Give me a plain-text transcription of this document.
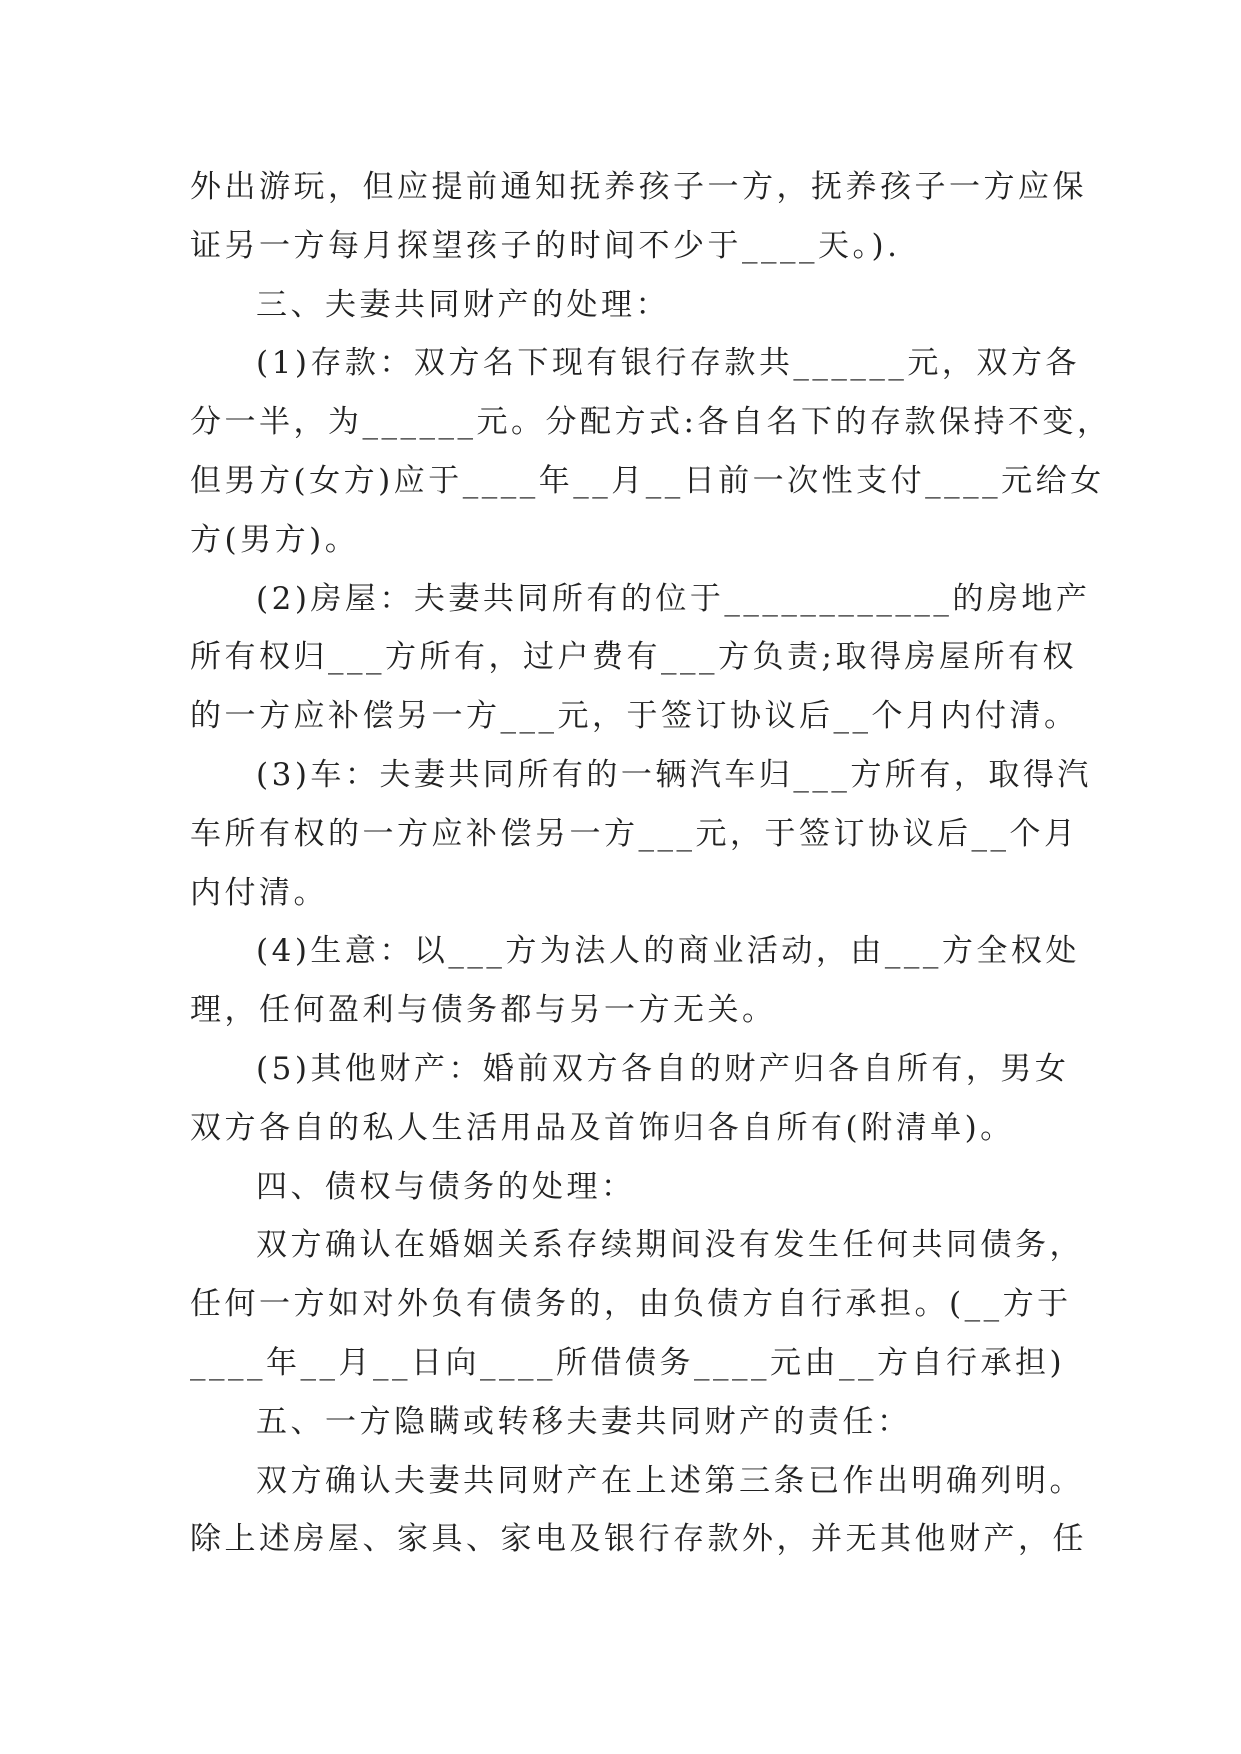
外出游玩，但应提前通知抚养孩子一方，抚养孩子一方应保
证另一方每月探望孩子的时间不少于____天。).
三、夫妻共同财产的处理：
(1)存款：双方名下现有银行存款共______元，双方各
分一半，为______元。分配方式:各自名下的存款保持不变，
但男方(女方)应于____年__月__日前一次性支付____元给女
方(男方)。
(2)房屋：夫妻共同所有的位于____________的房地产
所有权归___方所有，过户费有___方负责;取得房屋所有权
的一方应补偿另一方___元，于签订协议后__个月内付清。
(3)车：夫妻共同所有的一辆汽车归___方所有，取得汽
车所有权的一方应补偿另一方___元，于签订协议后__个月
内付清。
(4)生意：以___方为法人的商业活动，由___方全权处
理，任何盈利与债务都与另一方无关。
(5)其他财产：婚前双方各自的财产归各自所有，男女
双方各自的私人生活用品及首饰归各自所有(附清单)。
四、债权与债务的处理：
双方确认在婚姻关系存续期间没有发生任何共同债务，
任何一方如对外负有债务的，由负债方自行承担。(__方于
____年__月__日向____所借债务____元由__方自行承担)
五、一方隐瞒或转移夫妻共同财产的责任：
双方确认夫妻共同财产在上述第三条已作出明确列明。
除上述房屋、家具、家电及银行存款外，并无其他财产，任
